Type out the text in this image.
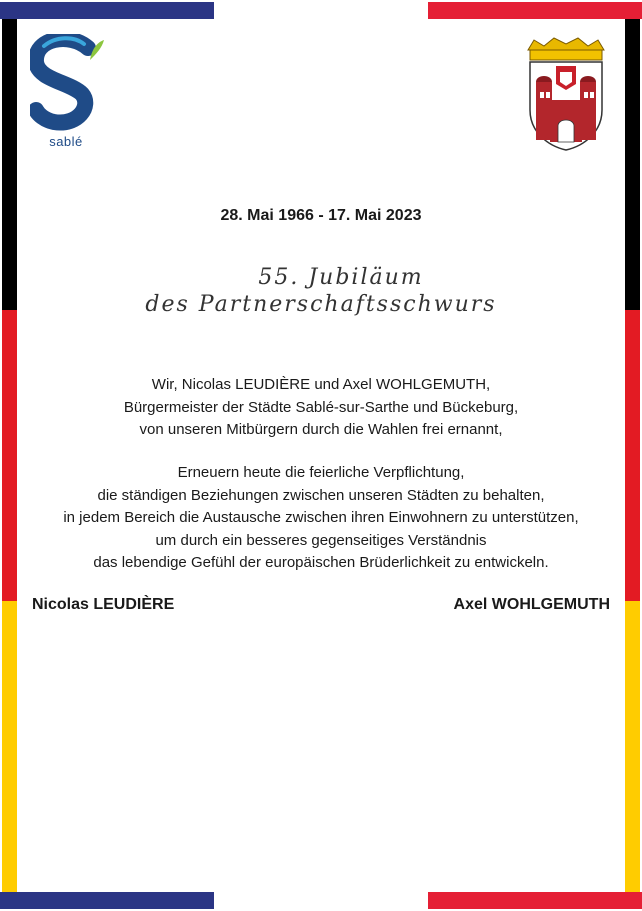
sablé
28. Mai 1966 - 17. Mai 2023
55. Jubiläum
des Partnerschaftsschwurs
Wir, Nicolas LEUDIÈRE und Axel WOHLGEMUTH,
Bürgermeister der Städte Sablé-sur-Sarthe und Bückeburg,
von unseren Mitbürgern durch die Wahlen frei ernannt,
Erneuern heute die feierliche Verpflichtung,
die ständigen Beziehungen zwischen unseren Städten zu behalten,
in jedem Bereich die Austausche zwischen ihren Einwohnern zu unterstützen,
um durch ein besseres gegenseitiges Verständnis
das lebendige Gefühl der europäischen Brüderlichkeit zu entwickeln.
Nicolas LEUDIÈRE	Axel WOHLGEMUTH
